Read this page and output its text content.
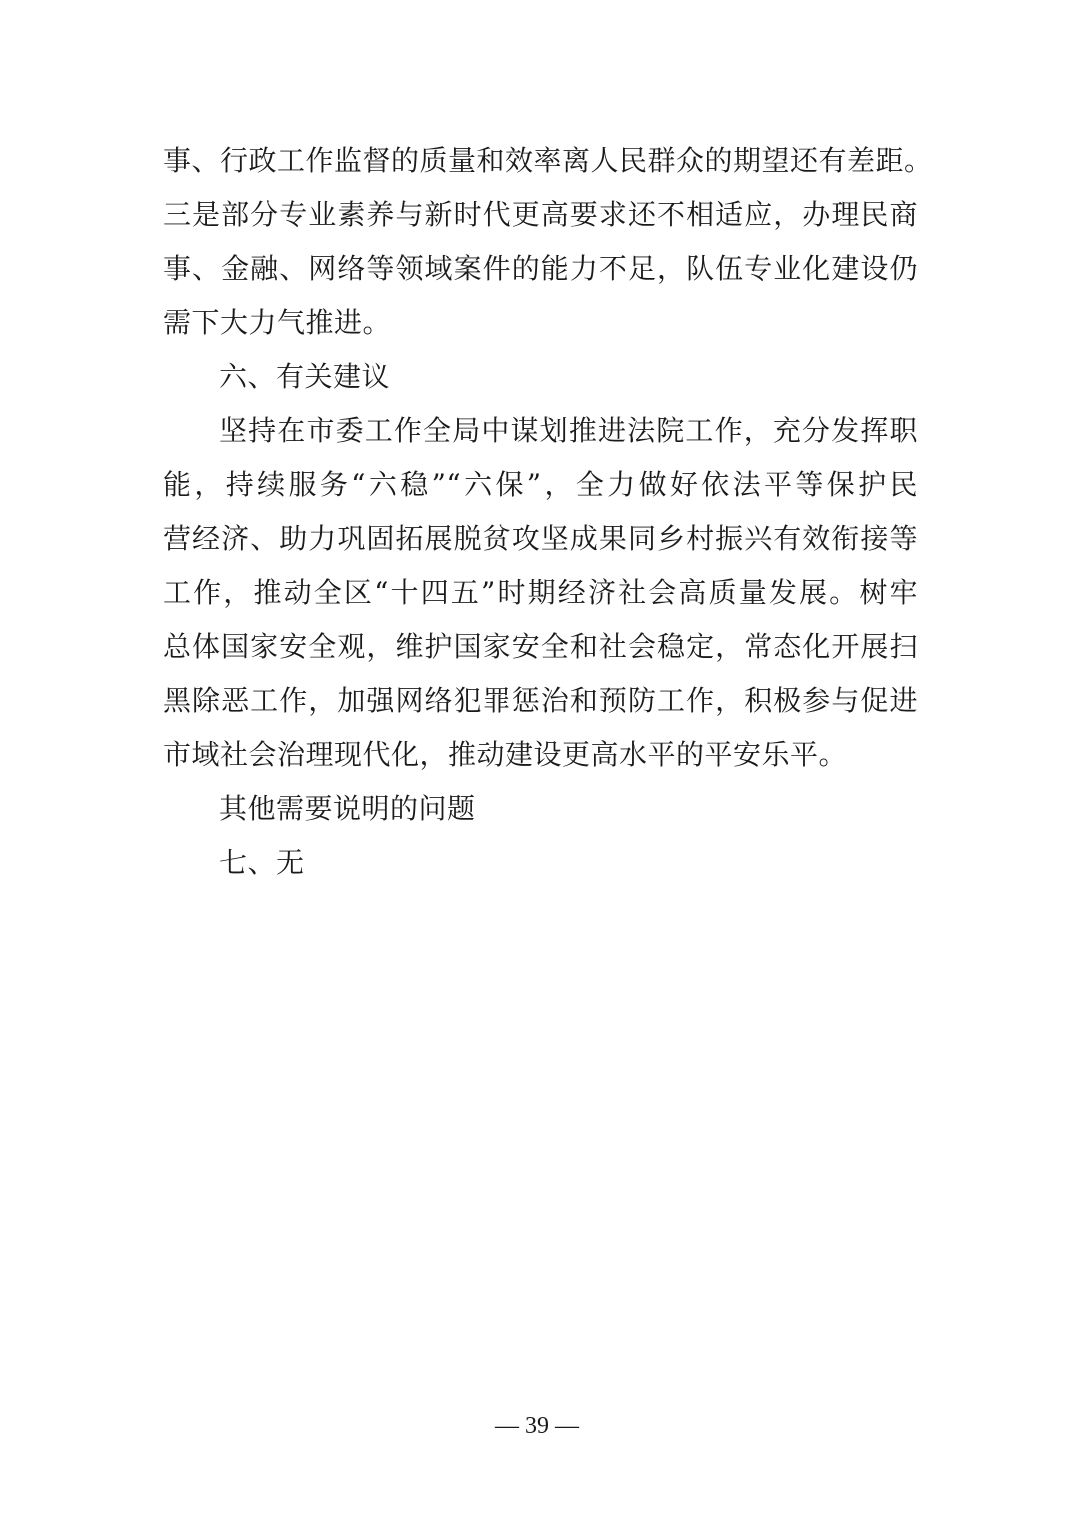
事、行政工作监督的质量和效率离人民群众的期望还有差距。
三是部分专业素养与新时代更高要求还不相适应，办理民商
事、金融、网络等领域案件的能力不足，队伍专业化建设仍
需下大力气推进。
六、有关建议
坚持在市委工作全局中谋划推进法院工作，充分发挥职
能，持续服务“六稳”“六保”，全力做好依法平等保护民
营经济、助力巩固拓展脱贫攻坚成果同乡村振兴有效衔接等
工作，推动全区“十四五”时期经济社会高质量发展。树牢
总体国家安全观，维护国家安全和社会稳定，常态化开展扫
黑除恶工作，加强网络犯罪惩治和预防工作，积极参与促进
市域社会治理现代化，推动建设更高水平的平安乐平。
其他需要说明的问题
七、无
— 39 —
